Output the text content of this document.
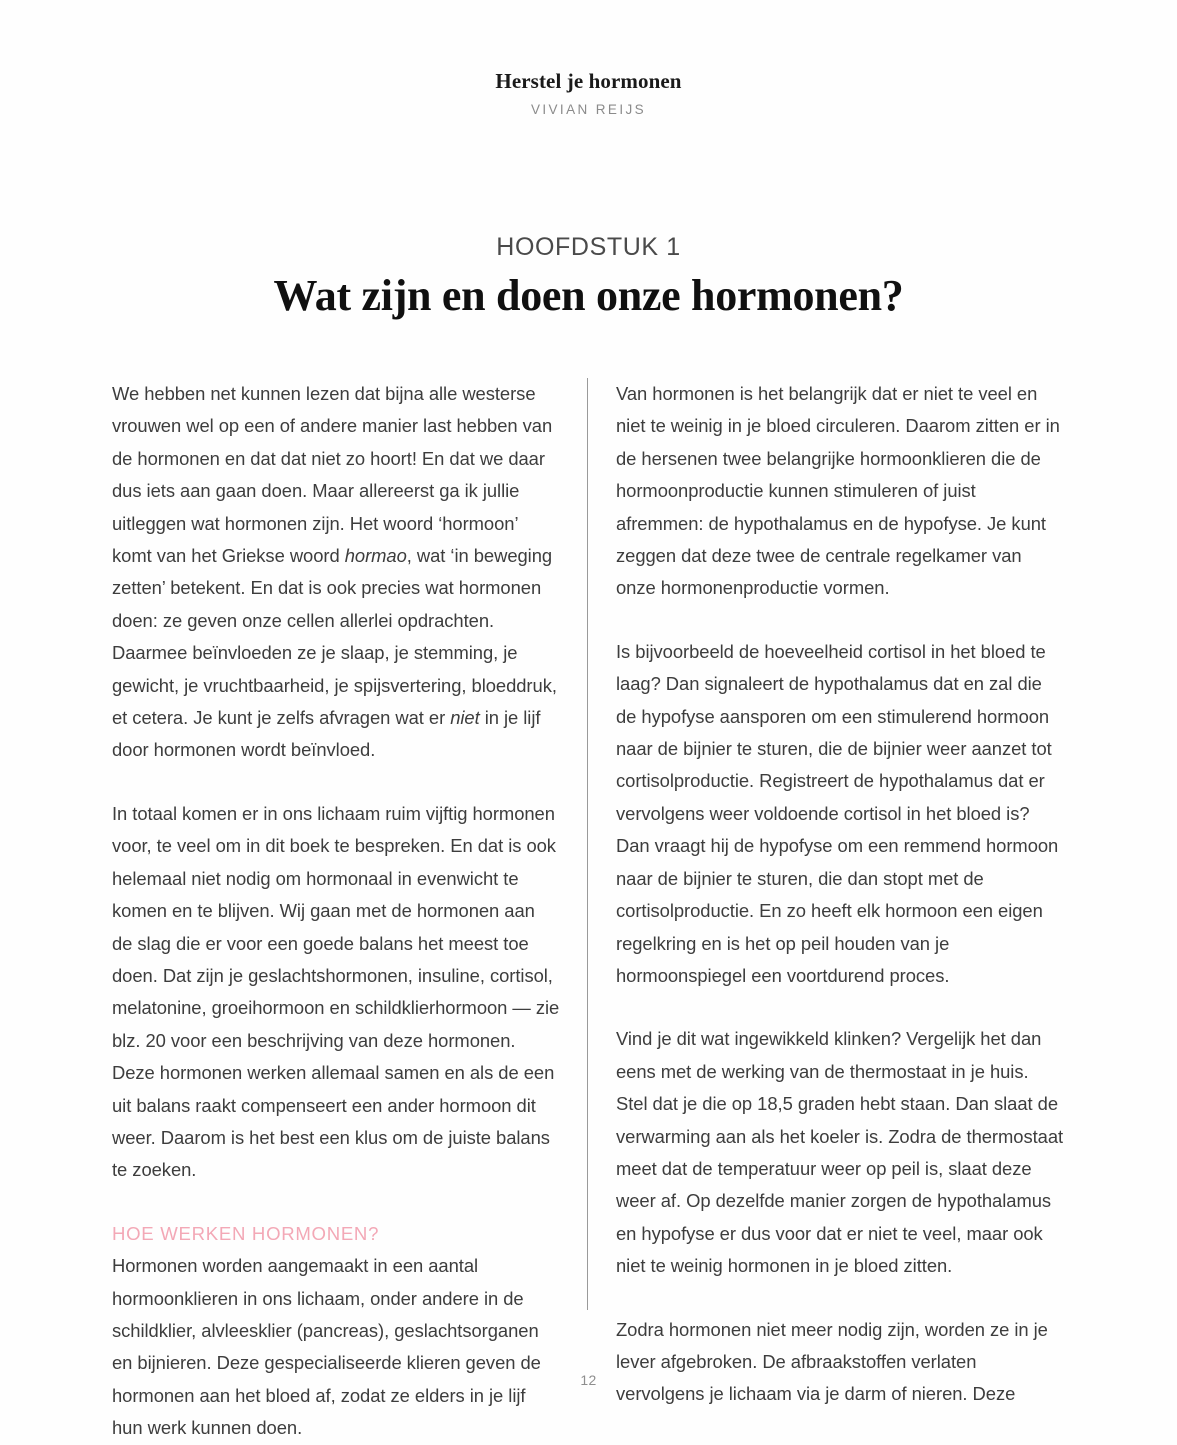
Herstel je hormonen
VIVIAN REIJS
HOOFDSTUK 1
Wat zijn en doen onze hormonen?

We hebben net kunnen lezen dat bijna alle westerse vrouwen wel op een of andere manier last hebben van de hormonen en dat dat niet zo hoort! En dat we daar dus iets aan gaan doen. Maar allereerst ga ik jullie uitleggen wat hormonen zijn. Het woord ‘hormoon’ komt van het Griekse woord hormao, wat ‘in beweging zetten’ betekent. En dat is ook precies wat hormonen doen: ze geven onze cellen allerlei opdrachten. Daarmee beïnvloeden ze je slaap, je stemming, je gewicht, je vruchtbaarheid, je spijsvertering, bloeddruk, et cetera. Je kunt je zelfs afvragen wat er niet in je lijf door hormonen wordt beïnvloed.

In totaal komen er in ons lichaam ruim vijftig hormonen voor, te veel om in dit boek te bespreken. En dat is ook helemaal niet nodig om hormonaal in evenwicht te komen en te blijven. Wij gaan met de hormonen aan de slag die er voor een goede balans het meest toe doen. Dat zijn je geslachtshormonen, insuline, cortisol, melatonine, groeihormoon en schildklierhormoon — zie blz. 20 voor een beschrijving van deze hormonen. Deze hormonen werken allemaal samen en als de een uit balans raakt compenseert een ander hormoon dit weer. Daarom is het best een klus om de juiste balans te zoeken.

HOE WERKEN HORMONEN?

Hormonen worden aangemaakt in een aantal hormoonklieren in ons lichaam, onder andere in de schildklier, alvleesklier (pancreas), geslachtsorganen en bijnieren. Deze gespecialiseerde klieren geven de hormonen aan het bloed af, zodat ze elders in je lijf hun werk kunnen doen.

Van hormonen is het belangrijk dat er niet te veel en niet te weinig in je bloed circuleren. Daarom zitten er in de hersenen twee belangrijke hormoonklieren die de hormoonproductie kunnen stimuleren of juist afremmen: de hypothalamus en de hypofyse. Je kunt zeggen dat deze twee de centrale regelkamer van onze hormonenproductie vormen.

Is bijvoorbeeld de hoeveelheid cortisol in het bloed te laag? Dan signaleert de hypothalamus dat en zal die de hypofyse aansporen om een stimulerend hormoon naar de bijnier te sturen, die de bijnier weer aanzet tot cortisolproductie. Registreert de hypothalamus dat er vervolgens weer voldoende cortisol in het bloed is? Dan vraagt hij de hypofyse om een remmend hormoon naar de bijnier te sturen, die dan stopt met de cortisolproductie. En zo heeft elk hormoon een eigen regelkring en is het op peil houden van je hormoonspiegel een voortdurend proces.

Vind je dit wat ingewikkeld klinken? Vergelijk het dan eens met de werking van de thermostaat in je huis. Stel dat je die op 18,5 graden hebt staan. Dan slaat de verwarming aan als het koeler is. Zodra de thermostaat meet dat de temperatuur weer op peil is, slaat deze weer af. Op dezelfde manier zorgen de hypothalamus en hypofyse er dus voor dat er niet te veel, maar ook niet te weinig hormonen in je bloed zitten.

Zodra hormonen niet meer nodig zijn, worden ze in je lever afgebroken. De afbraakstoffen verlaten vervolgens je lichaam via je darm of nieren. Deze

12
